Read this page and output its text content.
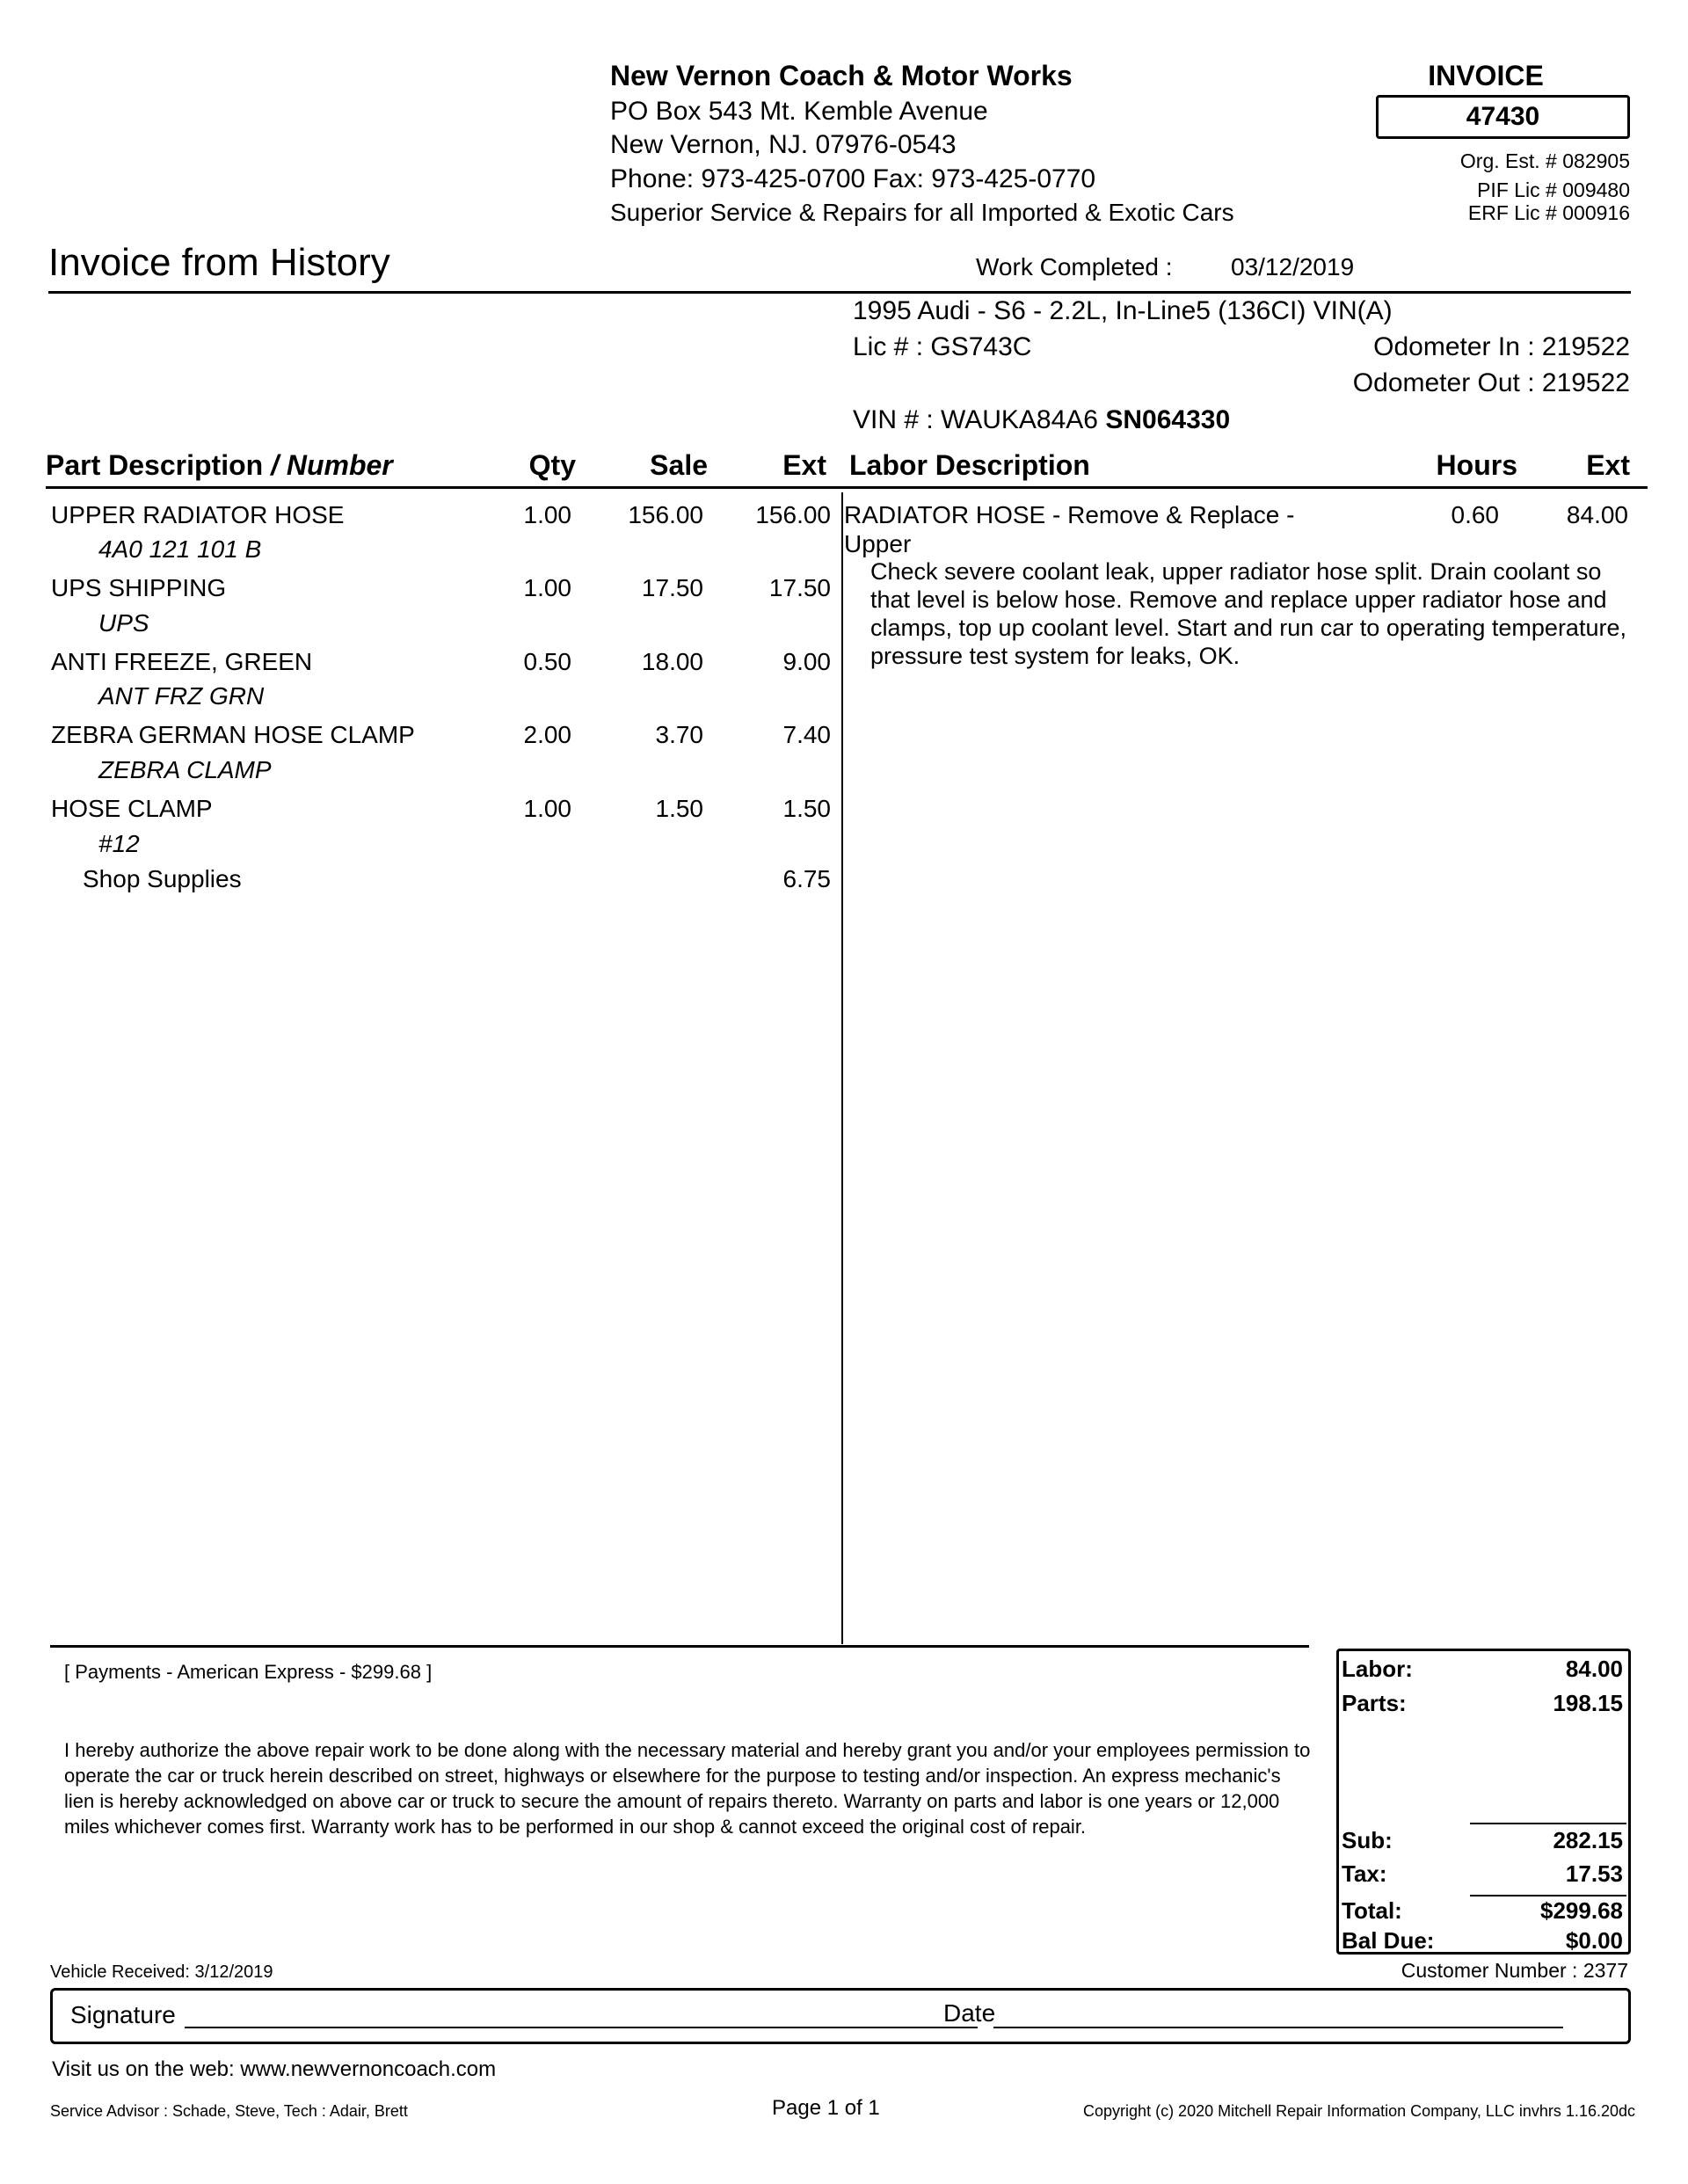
New Vernon Coach & Motor Works
PO Box 543 Mt. Kemble Avenue
New Vernon, NJ. 07976-0543
Phone: 973-425-0700 Fax: 973-425-0770
Superior Service & Repairs for all Imported & Exotic Cars
INVOICE
47430
Org. Est. # 082905
PIF Lic # 009480
ERF Lic # 000916
Invoice from History	Work Completed : 03/12/2019
1995 Audi - S6 - 2.2L, In-Line5 (136CI) VIN(A)
Lic # : GS743C	Odometer In : 219522
Odometer Out : 219522
VIN # : WAUKA84A6 SN064330
Part Description / Number	Qty	Sale	Ext Labor Description	Hours	Ext
UPPER RADIATOR HOSE
4A0 121 101 B
1.00	156.00	156.00
UPS SHIPPING
UPS
1.00	17.50	17.50
ANTI FREEZE, GREEN
ANT FRZ GRN
0.50	18.00	9.00
ZEBRA GERMAN HOSE CLAMP
ZEBRA CLAMP
2.00	3.70	7.40
HOSE CLAMP
#12
1.00	1.50	1.50
Shop Supplies	6.75
RADIATOR HOSE - Remove & Replace -
Upper
0.60	84.00
Check severe coolant leak, upper radiator hose split. Drain coolant so that level is below hose. Remove and replace upper radiator hose and clamps, top up coolant level. Start and run car to operating temperature, pressure test system for leaks, OK.
[ Payments - American Express - $299.68 ]
I hereby authorize the above repair work to be done along with the necessary material and hereby grant you and/or your employees permission to operate the car or truck herein described on street, highways or elsewhere for the purpose to testing and/or inspection. An express mechanic's lien is hereby acknowledged on above car or truck to secure the amount of repairs thereto. Warranty on parts and labor is one years or 12,000 miles whichever comes first. Warranty work has to be performed in our shop & cannot exceed the original cost of repair.
Labor:	84.00
Parts:	198.15
Sub:	282.15
Tax:	17.53
Total:	$299.68
Bal Due:	$0.00
Vehicle Received: 3/12/2019	Customer Number : 2377
Signature	Date
Visit us on the web: www.newvernoncoach.com
Service Advisor : Schade, Steve, Tech : Adair, Brett	Page 1 of 1	Copyright (c) 2020 Mitchell Repair Information Company, LLC invhrs 1.16.20dc
